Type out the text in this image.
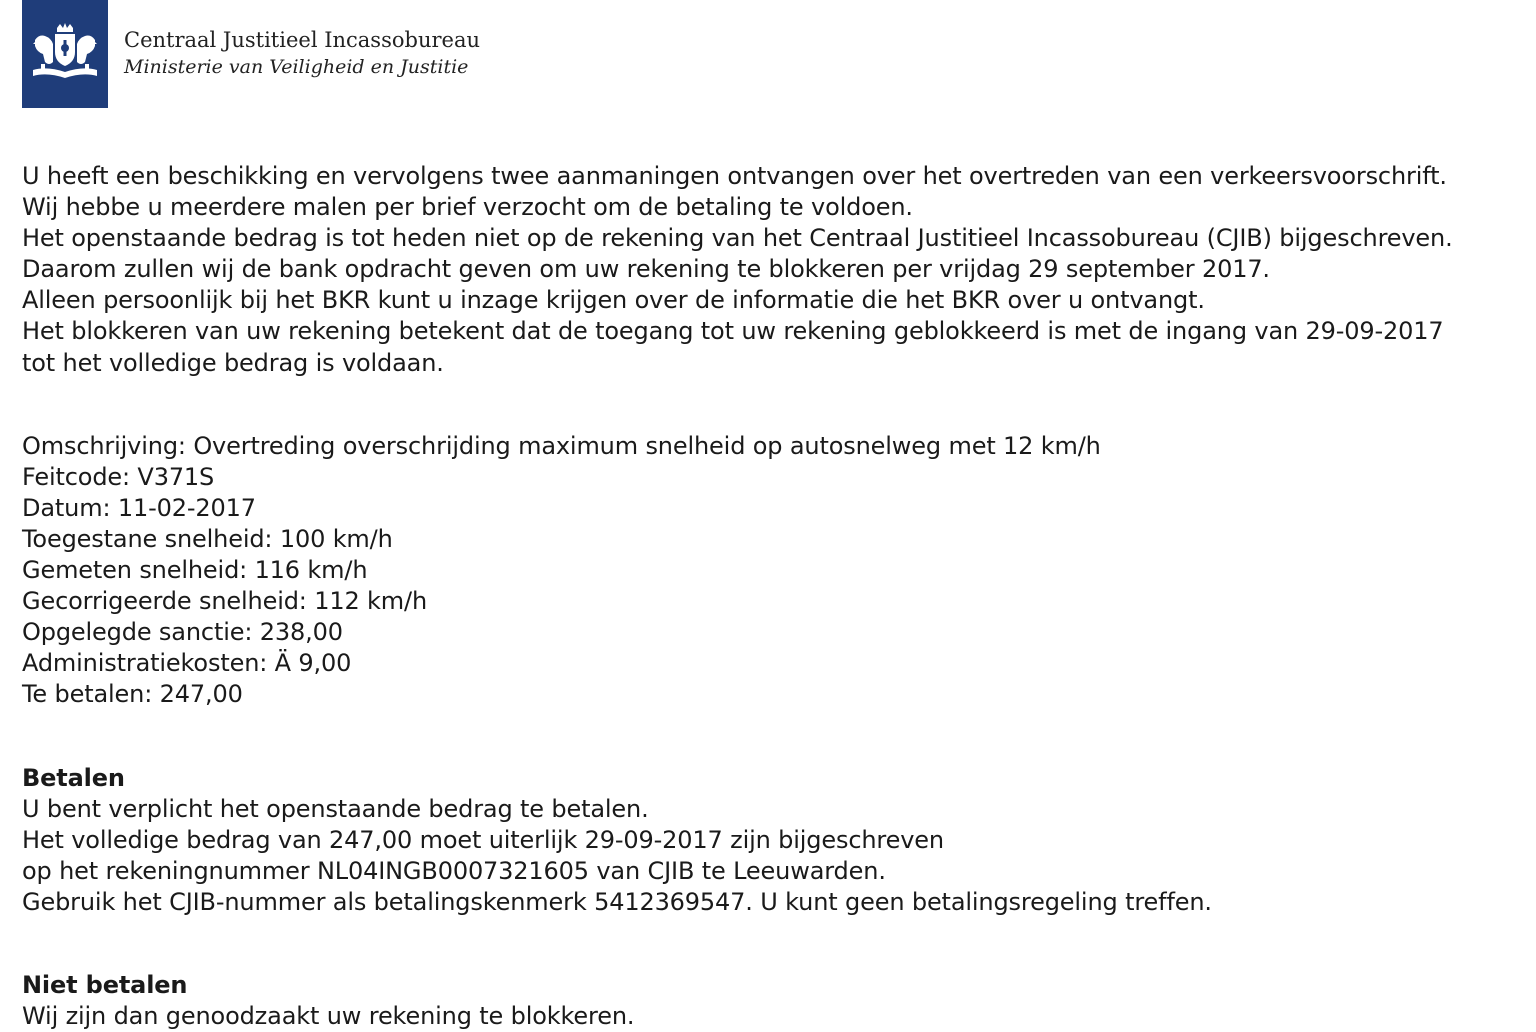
Centraal Justitieel Incassobureau
Ministerie van Veiligheid en Justitie
U heeft een beschikking en vervolgens twee aanmaningen ontvangen over het overtreden van een verkeersvoorschrift.
Wij hebbe u meerdere malen per brief verzocht om de betaling te voldoen.
Het openstaande bedrag is tot heden niet op de rekening van het Centraal Justitieel Incassobureau (CJIB) bijgeschreven.
Daarom zullen wij de bank opdracht geven om uw rekening te blokkeren per vrijdag 29 september 2017.
Alleen persoonlijk bij het BKR kunt u inzage krijgen over de informatie die het BKR over u ontvangt.
Het blokkeren van uw rekening betekent dat de toegang tot uw rekening geblokkeerd is met de ingang van 29-09-2017
tot het volledige bedrag is voldaan.
Omschrijving: Overtreding overschrijding maximum snelheid op autosnelweg met 12 km/h
Feitcode: V371S
Datum: 11-02-2017
Toegestane snelheid: 100 km/h
Gemeten snelheid: 116 km/h
Gecorrigeerde snelheid: 112 km/h
Opgelegde sanctie: 238,00
Administratiekosten: Ä 9,00
Te betalen: 247,00
Betalen
U bent verplicht het openstaande bedrag te betalen.
Het volledige bedrag van 247,00 moet uiterlijk 29-09-2017 zijn bijgeschreven
op het rekeningnummer NL04INGB0007321605 van CJIB te Leeuwarden.
Gebruik het CJIB-nummer als betalingskenmerk 5412369547. U kunt geen betalingsregeling treffen.
Niet betalen
Wij zijn dan genoodzaakt uw rekening te blokkeren.
